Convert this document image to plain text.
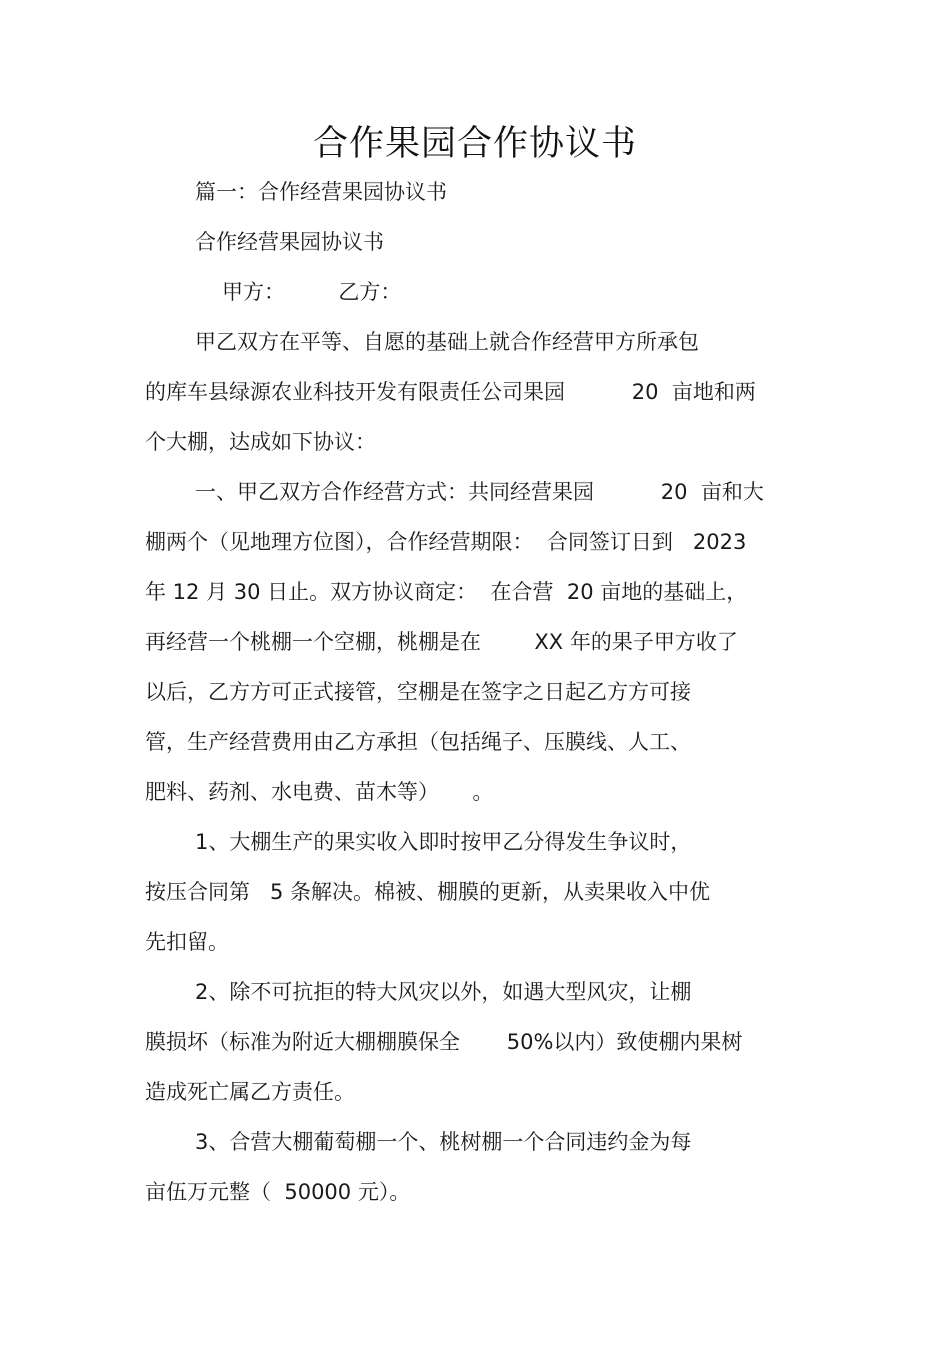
合作果园合作协议书
篇一：合作经营果园协议书
合作经营果园协议书
甲方：        乙方：
甲乙双方在平等、自愿的基础上就合作经营甲方所承包
的库车县绿源农业科技开发有限责任公司果园          20  亩地和两
个大棚，达成如下协议：
一、甲乙双方合作经营方式：共同经营果园          20  亩和大
棚两个（见地理方位图），合作经营期限：  合同签订日到   2023
年 12 月 30 日止。双方协议商定：  在合营  20 亩地的基础上，
再经营一个桃棚一个空棚，桃棚是在        XX 年的果子甲方收了
以后，乙方方可正式接管，空棚是在签字之日起乙方方可接
管，生产经营费用由乙方承担（包括绳子、压膜线、人工、
肥料、药剂、水电费、苗木等）     。
1、大棚生产的果实收入即时按甲乙分得发生争议时，
按压合同第   5 条解决。棉被、棚膜的更新，从卖果收入中优
先扣留。
2、除不可抗拒的特大风灾以外，如遇大型风灾，让棚
膜损坏（标准为附近大棚棚膜保全       50%以内）致使棚内果树
造成死亡属乙方责任。
3、合营大棚葡萄棚一个、桃树棚一个合同违约金为每
亩伍万元整（  50000 元）。
